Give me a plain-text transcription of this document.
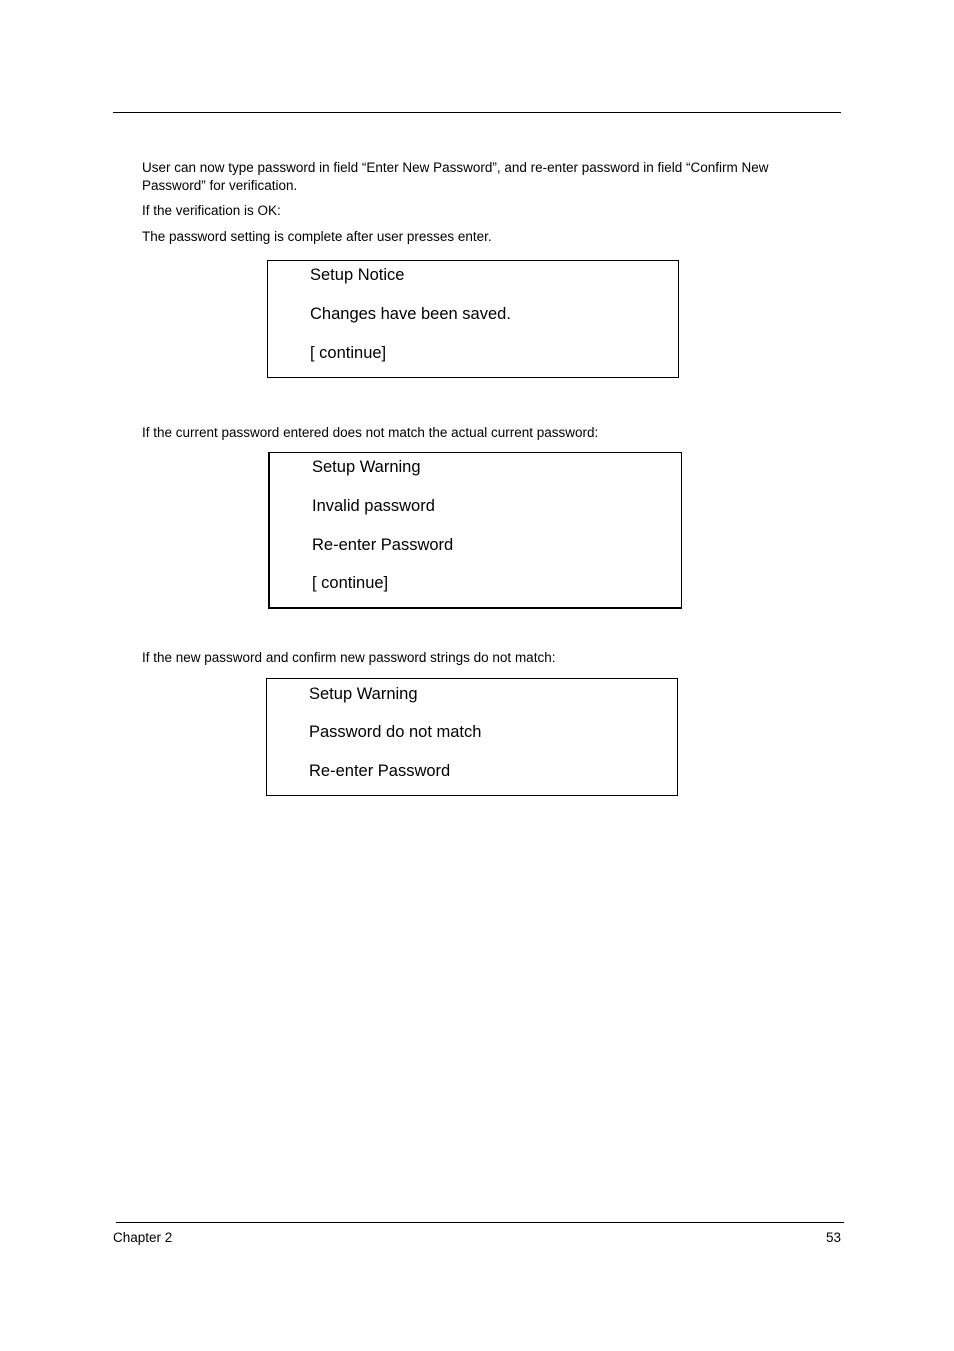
User can now type password in field “Enter New Password”, and re-enter password in field “Confirm New Password” for verification.

If the verification is OK:

The password setting is complete after user presses enter.

Setup Notice
Changes have been saved.
[ continue]

If the current password entered does not match the actual current password:

Setup Warning
Invalid password
Re-enter Password
[ continue]

If the new password and confirm new password strings do not match:

Setup Warning
Password do not match
Re-enter Password
Chapter 2	53
